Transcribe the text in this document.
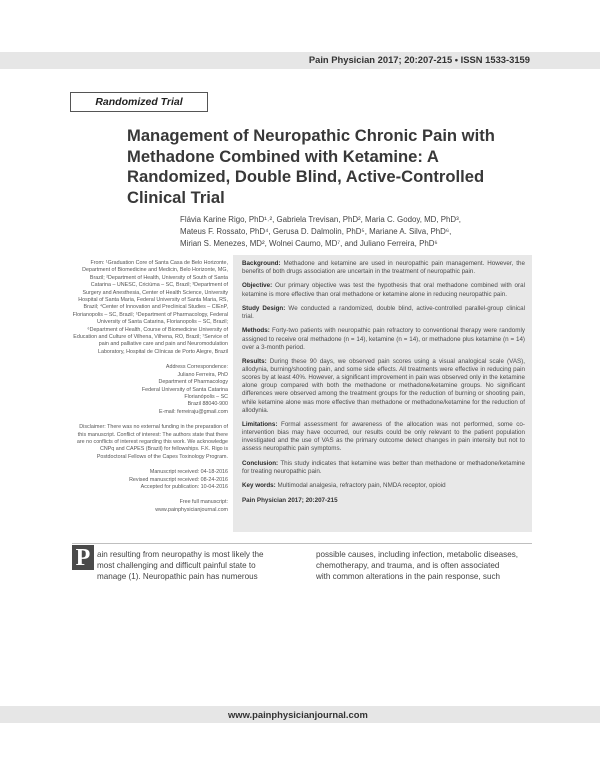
Pain Physician 2017; 20:207-215 • ISSN 1533-3159
Randomized Trial
Management of Neuropathic Chronic Pain with Methadone Combined with Ketamine: A Randomized, Double Blind, Active-Controlled Clinical Trial
Flávia Karine Rigo, PhD¹˒², Gabriela Trevisan, PhD², Maria C. Godoy, MD, PhD³,
Mateus F. Rossato, PhD⁴, Gerusa D. Dalmolin, PhD⁵, Mariane A. Silva, PhD⁶,
Mirian S. Menezes, MD², Wolnei Caumo, MD⁷, and Juliano Ferreira, PhD⁶

From: ¹Graduation Core of Santa Casa de Belo Horizonte, Department of Biomedicine and Medicin, Belo Horizonte, MG, Brazil; ²Department of Health, University of South of Santa Catarina – UNESC, Criciúma – SC, Brazil; ³Department of Surgery and Anesthesia, Center of Health Science, University Hospital of Santa Maria, Federal University of Santa Maria, RS, Brazil; ⁴Center of Innovation and Preclinical Studies – CIEnP, Florianopolis – SC, Brazil; ⁵Department of Pharmacology, Federal University of Santa Catarina, Florianopolis – SC, Brazil; ⁶Department of Health, Course of Biomedicine University of Education and Culture of Vilhena, Vilhena, RO, Brazil; ⁷Service of pain and palliative care and pain and Neuromodulation Laboratory, Hospital de Clínicas de Porto Alegre, Brazil

Address Correspondence:

Juliano Ferreira, PhD

Department of Pharmacology

Federal University of Santa Catarina

Florianópolis – SC

Brazil 88040-900

E-mail: ferreiraju@gmail.com

Disclaimer: There was no external funding in the preparation of this manuscript. Conflict of interest: The authors state that there are no conflicts of interest regarding this work. We acknowledge CNPq and CAPES (Brazil) for fellowships. F.K. Rigo is Postdoctoral Fellows of the Capes Toxinology Program.

Manuscript received: 04-18-2016

Revised manuscript received: 08-24-2016

Accepted for publication: 10-04-2016

Free full manuscript:

www.painphysicianjournal.com

Background: Methadone and ketamine are used in neuropathic pain management. However, the benefits of both drugs association are uncertain in the treatment of neuropathic pain.

Objective: Our primary objective was test the hypothesis that oral methadone combined with oral ketamine is more effective than oral methadone or ketamine alone in reducing neuropathic pain.

Study Design: We conducted a randomized, double blind, active-controlled parallel-group clinical trial.

Methods: Forty-two patients with neuropathic pain refractory to conventional therapy were randomly assigned to receive oral methadone (n = 14), ketamine (n = 14), or methadone plus ketamine (n = 14) over a 3-month period.

Results: During these 90 days, we observed pain scores using a visual analogical scale (VAS), allodynia, burning/shooting pain, and some side effects. All treatments were effective in reducing pain scores by at least 40%. However, a significant improvement in pain was observed only in the ketamine alone group compared with both the methadone or methadone/ketamine groups. No significant differences were observed among the treatment groups for the reduction of burning or shooting pain, while ketamine alone was more effective than methadone or methadone/ketamine for the reduction of allodynia.

Limitations: Formal assessment for awareness of the allocation was not performed, some co-intervention bias may have occurred, our results could be only relevant to the patient population investigated and the use of VAS as the primary outcome detect changes in pain intensity but not to assess neuropathic pain symptoms.

Conclusion: This study indicates that ketamine was better than methadone or methadone/ketamine for treating neuropathic pain.

Key words: Multimodal analgesia, refractory pain, NMDA receptor, opioid

Pain Physician 2017; 20:207-215

P ain resulting from neuropathy is most likely the

most challenging and difficult painful state to

manage (1). Neuropathic pain has numerous

possible causes, including infection, metabolic diseases,

chemotherapy, and trauma, and is often associated

with common alterations in the pain response, such

www.painphysicianjournal.com
